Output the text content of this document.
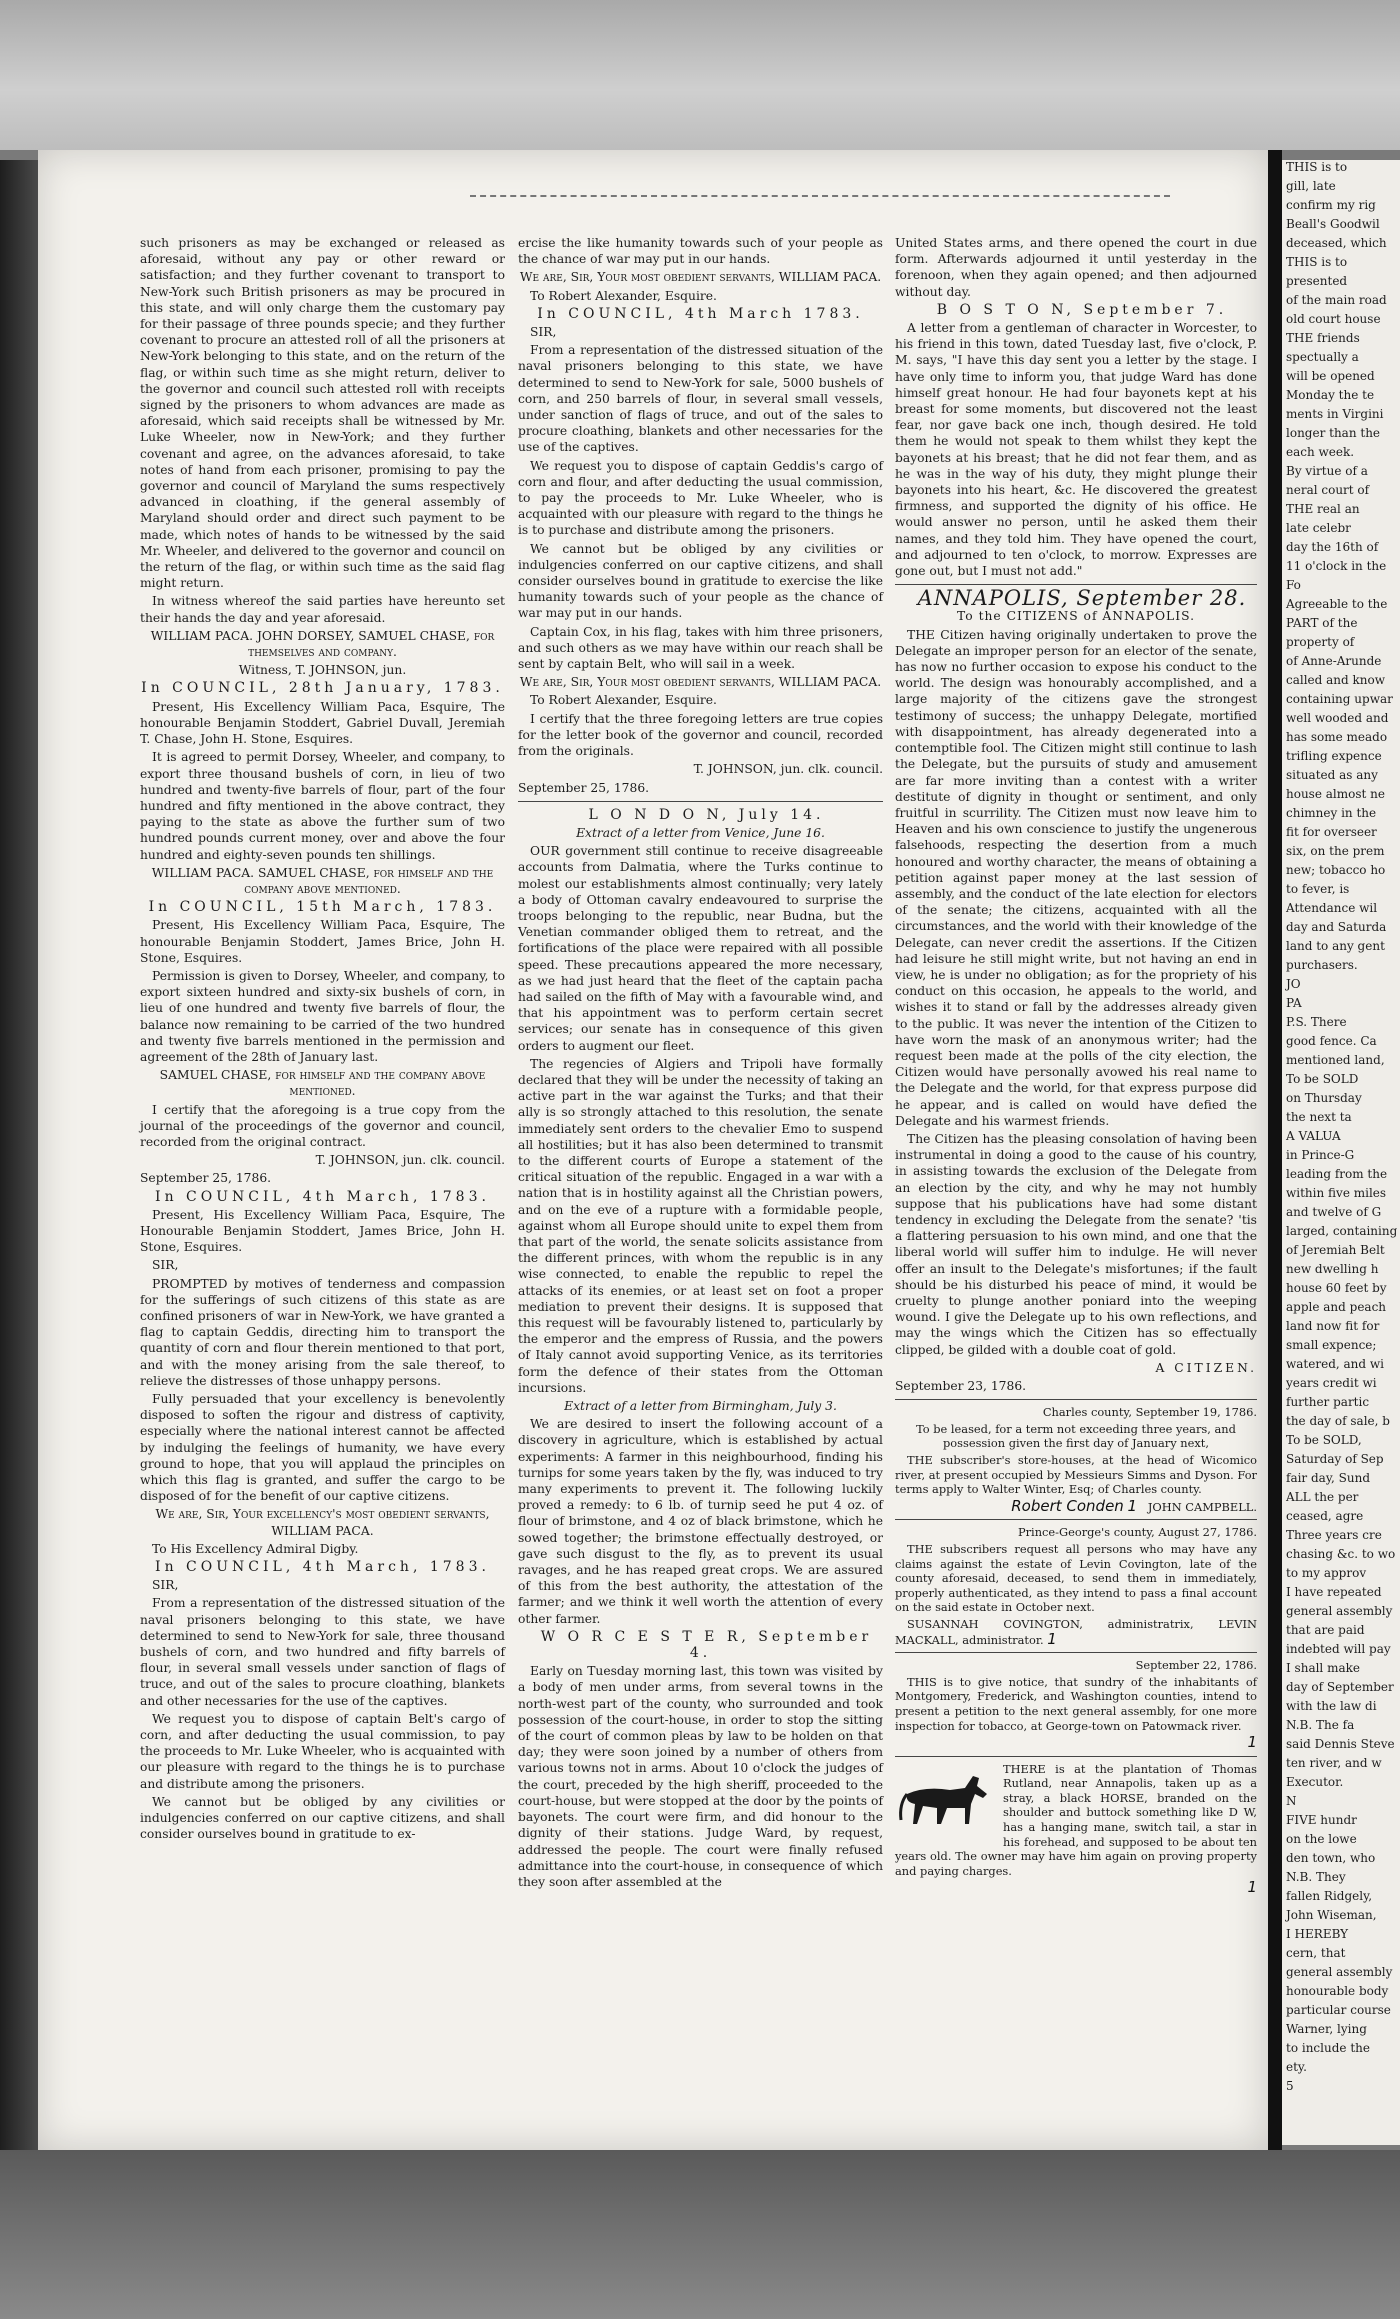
THIS is to

gill, late

confirm my rig

Beall's Goodwil

deceased, which

THIS is to

presented

of the main road

old court house

THE friends

spectually a

will be opened

Monday the te

ments in Virgini

longer than the

each week.

By virtue of a

neral court of

THE real an

late celebr

day the 16th of

11 o'clock in the

Fo

Agreeable to the

PART of the

property of

of Anne-Arunde

called and know

containing upwar

well wooded and

has some meado

trifling expence

situated as any

house almost ne

chimney in the

fit for overseer

six, on the prem

new; tobacco ho

to fever, is

Attendance wil

day and Saturda

land to any gent

purchasers.

JO

PA

P.S. There

good fence. Ca

mentioned land,

To be SOLD

on Thursday

the next ta

A VALUA

in Prince-G

leading from the

within five miles

and twelve of G

larged, containing

of Jeremiah Belt

new dwelling h

house 60 feet by

apple and peach

land now fit for

small expence;

watered, and wi

years credit wi

further partic

the day of sale, b

To be SOLD,

Saturday of Sep

fair day, Sund

ALL the per

ceased, agre

Three years cre

chasing &c. to wo

to my approv

I have repeated

general assembly

that are paid

indebted will pay

I shall make

day of September

with the law di

N.B. The fa

said Dennis Steve

ten river, and w

Executor.

N

FIVE hundr

on the lowe

den town, who

N.B. They

fallen Ridgely,

John Wiseman,

I HEREBY

cern, that

general assembly

honourable body

particular course

Warner, lying

to include the

ety.

5

such prisoners as may be exchanged or released as aforesaid, without any pay or other reward or satisfaction; and they further covenant to transport to New-York such British prisoners as may be procured in this state, and will only charge them the customary pay for their passage of three pounds specie; and they further covenant to procure an attested roll of all the prisoners at New-York belonging to this state, and on the return of the flag, or within such time as she might return, deliver to the governor and council such attested roll with receipts signed by the prisoners to whom advances are made as aforesaid, which said receipts shall be witnessed by Mr. Luke Wheeler, now in New-York; and they further covenant and agree, on the advances aforesaid, to take notes of hand from each prisoner, promising to pay the governor and council of Maryland the sums respectively advanced in cloathing, if the general assembly of Maryland should order and direct such payment to be made, which notes of hands to be witnessed by the said Mr. Wheeler, and delivered to the governor and council on the return of the flag, or within such time as the said flag might return.

In witness whereof the said parties have hereunto set their hands the day and year aforesaid.

WILLIAM PACA. JOHN DORSEY, SAMUEL CHASE, for themselves and company.

Witness, T. JOHNSON, jun.

In COUNCIL, 28th January, 1783.

Present, His Excellency William Paca, Esquire, The honourable Benjamin Stoddert, Gabriel Duvall, Jeremiah T. Chase, John H. Stone, Esquires.

It is agreed to permit Dorsey, Wheeler, and company, to export three thousand bushels of corn, in lieu of two hundred and twenty-five barrels of flour, part of the four hundred and fifty mentioned in the above contract, they paying to the state as above the further sum of two hundred pounds current money, over and above the four hundred and eighty-seven pounds ten shillings.

WILLIAM PACA. SAMUEL CHASE, for himself and the company above mentioned.

In COUNCIL, 15th March, 1783.

Present, His Excellency William Paca, Esquire, The honourable Benjamin Stoddert, James Brice, John H. Stone, Esquires.

Permission is given to Dorsey, Wheeler, and company, to export sixteen hundred and sixty-six bushels of corn, in lieu of one hundred and twenty five barrels of flour, the balance now remaining to be carried of the two hundred and twenty five barrels mentioned in the permission and agreement of the 28th of January last.

SAMUEL CHASE, for himself and the company above mentioned.

I certify that the aforegoing is a true copy from the journal of the proceedings of the governor and council, recorded from the original contract.

T. JOHNSON, jun. clk. council.

September 25, 1786.

In COUNCIL, 4th March, 1783.

Present, His Excellency William Paca, Esquire, The Honourable Benjamin Stoddert, James Brice, John H. Stone, Esquires.

SIR,

PROMPTED by motives of tenderness and compassion for the sufferings of such citizens of this state as are confined prisoners of war in New-York, we have granted a flag to captain Geddis, directing him to transport the quantity of corn and flour therein mentioned to that port, and with the money arising from the sale thereof, to relieve the distresses of those unhappy persons.

Fully persuaded that your excellency is benevolently disposed to soften the rigour and distress of captivity, especially where the national interest cannot be affected by indulging the feelings of humanity, we have every ground to hope, that you will applaud the principles on which this flag is granted, and suffer the cargo to be disposed of for the benefit of our captive citizens.

We are, Sir, Your excellency's most obedient servants, WILLIAM PACA.

To His Excellency Admiral Digby.

In COUNCIL, 4th March, 1783.

SIR,

From a representation of the distressed situation of the naval prisoners belonging to this state, we have determined to send to New-York for sale, three thousand bushels of corn, and two hundred and fifty barrels of flour, in several small vessels under sanction of flags of truce, and out of the sales to procure cloathing, blankets and other necessaries for the use of the captives.

We request you to dispose of captain Belt's cargo of corn, and after deducting the usual commission, to pay the proceeds to Mr. Luke Wheeler, who is acquainted with our pleasure with regard to the things he is to purchase and distribute among the prisoners.

We cannot but be obliged by any civilities or indulgencies conferred on our captive citizens, and shall consider ourselves bound in gratitude to ex-

ercise the like humanity towards such of your people as the chance of war may put in our hands.

We are, Sir, Your most obedient servants, WILLIAM PACA.

To Robert Alexander, Esquire.

In COUNCIL, 4th March 1783.

SIR,

From a representation of the distressed situation of the naval prisoners belonging to this state, we have determined to send to New-York for sale, 5000 bushels of corn, and 250 barrels of flour, in several small vessels, under sanction of flags of truce, and out of the sales to procure cloathing, blankets and other necessaries for the use of the captives.

We request you to dispose of captain Geddis's cargo of corn and flour, and after deducting the usual commission, to pay the proceeds to Mr. Luke Wheeler, who is acquainted with our pleasure with regard to the things he is to purchase and distribute among the prisoners.

We cannot but be obliged by any civilities or indulgencies conferred on our captive citizens, and shall consider ourselves bound in gratitude to exercise the like humanity towards such of your people as the chance of war may put in our hands.

Captain Cox, in his flag, takes with him three prisoners, and such others as we may have within our reach shall be sent by captain Belt, who will sail in a week.

We are, Sir, Your most obedient servants, WILLIAM PACA.

To Robert Alexander, Esquire.

I certify that the three foregoing letters are true copies for the letter book of the governor and council, recorded from the originals.

T. JOHNSON, jun. clk. council.

September 25, 1786.

L O N D O N, July 14.

Extract of a letter from Venice, June 16.

OUR government still continue to receive disagreeable accounts from Dalmatia, where the Turks continue to molest our establishments almost continually; very lately a body of Ottoman cavalry endeavoured to surprise the troops belonging to the republic, near Budna, but the Venetian commander obliged them to retreat, and the fortifications of the place were repaired with all possible speed. These precautions appeared the more necessary, as we had just heard that the fleet of the captain pacha had sailed on the fifth of May with a favourable wind, and that his appointment was to perform certain secret services; our senate has in consequence of this given orders to augment our fleet.

The regencies of Algiers and Tripoli have formally declared that they will be under the necessity of taking an active part in the war against the Turks; and that their ally is so strongly attached to this resolution, the senate immediately sent orders to the chevalier Emo to suspend all hostilities; but it has also been determined to transmit to the different courts of Europe a statement of the critical situation of the republic. Engaged in a war with a nation that is in hostility against all the Christian powers, and on the eve of a rupture with a formidable people, against whom all Europe should unite to expel them from that part of the world, the senate solicits assistance from the different princes, with whom the republic is in any wise connected, to enable the republic to repel the attacks of its enemies, or at least set on foot a proper mediation to prevent their designs. It is supposed that this request will be favourably listened to, particularly by the emperor and the empress of Russia, and the powers of Italy cannot avoid supporting Venice, as its territories form the defence of their states from the Ottoman incursions.

Extract of a letter from Birmingham, July 3.

We are desired to insert the following account of a discovery in agriculture, which is established by actual experiments: A farmer in this neighbourhood, finding his turnips for some years taken by the fly, was induced to try many experiments to prevent it. The following luckily proved a remedy: to 6 lb. of turnip seed he put 4 oz. of flour of brimstone, and 4 oz of black brimstone, which he sowed together; the brimstone effectually destroyed, or gave such disgust to the fly, as to prevent its usual ravages, and he has reaped great crops. We are assured of this from the best authority, the attestation of the farmer; and we think it well worth the attention of every other farmer.

W O R C E S T E R, September 4.

Early on Tuesday morning last, this town was visited by a body of men under arms, from several towns in the north-west part of the county, who surrounded and took possession of the court-house, in order to stop the sitting of the court of common pleas by law to be holden on that day; they were soon joined by a number of others from various towns not in arms. About 10 o'clock the judges of the court, preceded by the high sheriff, proceeded to the court-house, but were stopped at the door by the points of bayonets. The court were firm, and did honour to the dignity of their stations. Judge Ward, by request, addressed the people. The court were finally refused admittance into the court-house, in consequence of which they soon after assembled at the

United States arms, and there opened the court in due form. Afterwards adjourned it until yesterday in the forenoon, when they again opened; and then adjourned without day.

B O S T O N, September 7.

A letter from a gentleman of character in Worcester, to his friend in this town, dated Tuesday last, five o'clock, P. M. says, "I have this day sent you a letter by the stage. I have only time to inform you, that judge Ward has done himself great honour. He had four bayonets kept at his breast for some moments, but discovered not the least fear, nor gave back one inch, though desired. He told them he would not speak to them whilst they kept the bayonets at his breast; that he did not fear them, and as he was in the way of his duty, they might plunge their bayonets into his heart, &c. He discovered the greatest firmness, and supported the dignity of his office. He would answer no person, until he asked them their names, and they told him. They have opened the court, and adjourned to ten o'clock, to morrow. Expresses are gone out, but I must not add."

ANNAPOLIS, September 28.

To the CITIZENS of ANNAPOLIS.

THE Citizen having originally undertaken to prove the Delegate an improper person for an elector of the senate, has now no further occasion to expose his conduct to the world. The design was honourably accomplished, and a large majority of the citizens gave the strongest testimony of success; the unhappy Delegate, mortified with disappointment, has already degenerated into a contemptible fool. The Citizen might still continue to lash the Delegate, but the pursuits of study and amusement are far more inviting than a contest with a writer destitute of dignity in thought or sentiment, and only fruitful in scurrility. The Citizen must now leave him to Heaven and his own conscience to justify the ungenerous falsehoods, respecting the desertion from a much honoured and worthy character, the means of obtaining a petition against paper money at the last session of assembly, and the conduct of the late election for electors of the senate; the citizens, acquainted with all the circumstances, and the world with their knowledge of the Delegate, can never credit the assertions. If the Citizen had leisure he still might write, but not having an end in view, he is under no obligation; as for the propriety of his conduct on this occasion, he appeals to the world, and wishes it to stand or fall by the addresses already given to the public. It was never the intention of the Citizen to have worn the mask of an anonymous writer; had the request been made at the polls of the city election, the Citizen would have personally avowed his real name to the Delegate and the world, for that express purpose did he appear, and is called on would have defied the Delegate and his warmest friends.

The Citizen has the pleasing consolation of having been instrumental in doing a good to the cause of his country, in assisting towards the exclusion of the Delegate from an election by the city, and why he may not humbly suppose that his publications have had some distant tendency in excluding the Delegate from the senate? 'tis a flattering persuasion to his own mind, and one that the liberal world will suffer him to indulge. He will never offer an insult to the Delegate's misfortunes; if the fault should be his disturbed his peace of mind, it would be cruelty to plunge another poniard into the weeping wound. I give the Delegate up to his own reflections, and may the wings which the Citizen has so effectually clipped, be gilded with a double coat of gold.

A CITIZEN.

September 23, 1786.

Charles county, September 19, 1786.

To be leased, for a term not exceeding three years, and possession given the first day of January next,

THE subscriber's store-houses, at the head of Wicomico river, at present occupied by Messieurs Simms and Dyson. For terms apply to Walter Winter, Esq; of Charles county.

Robert Conden 1 JOHN CAMPBELL.

Prince-George's county, August 27, 1786.

THE subscribers request all persons who may have any claims against the estate of Levin Covington, late of the county aforesaid, deceased, to send them in immediately, properly authenticated, as they intend to pass a final account on the said estate in October next.

SUSANNAH COVINGTON, administratrix, LEVIN MACKALL, administrator. 1

September 22, 1786.

THIS is to give notice, that sundry of the inhabitants of Montgomery, Frederick, and Washington counties, intend to present a petition to the next general assembly, for one more inspection for tobacco, at George-town on Patowmack river.

1

THERE is at the plantation of Thomas Rutland, near Annapolis, taken up as a stray, a black HORSE, branded on the shoulder and buttock something like D W, has a hanging mane, switch tail, a star in his forehead, and supposed to be about ten years old. The owner may have him again on proving property and paying charges.

1
